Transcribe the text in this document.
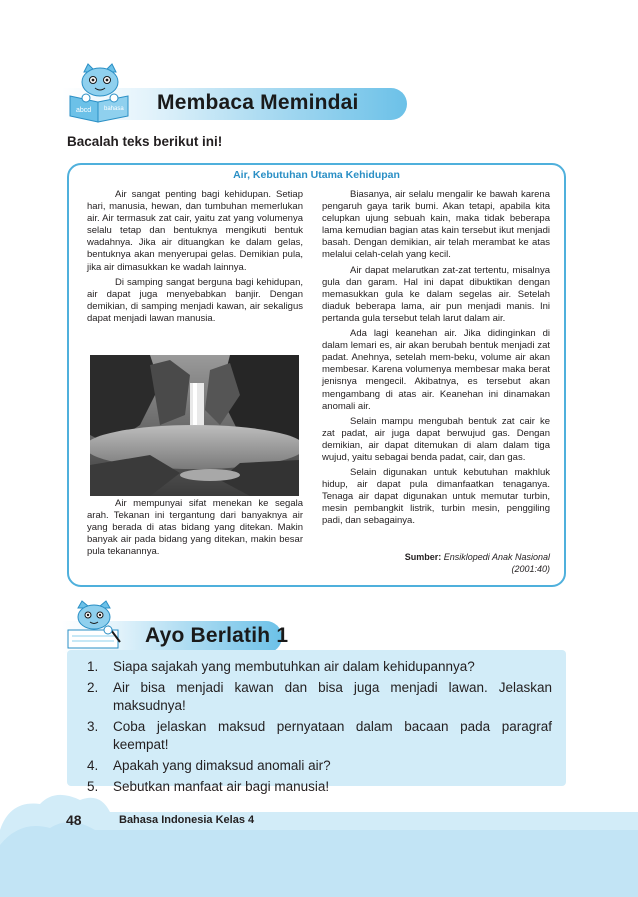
Membaca Memindai
abcd bahasa
Bacalah teks berikut ini!
Air, Kebutuhan Utama Kehidupan

Air sangat penting bagi kehidupan. Setiap hari, manusia, hewan, dan tumbuhan memerlukan air. Air termasuk zat cair, yaitu zat yang volumenya selalu tetap dan bentuknya mengikuti bentuk wadahnya. Jika air dituangkan ke dalam gelas, bentuknya akan menyerupai gelas. Demikian pula, jika air dimasukkan ke wadah lainnya.

Di samping sangat berguna bagi kehidupan, air dapat juga menyebabkan banjir. Dengan demikian, di samping menjadi kawan, air sekaligus dapat menjadi lawan manusia.

Air mempunyai sifat menekan ke segala arah. Tekanan ini tergantung dari banyaknya air yang berada di atas bidang yang ditekan. Makin banyak air pada bidang yang ditekan, makin besar pula tekanannya.

Biasanya, air selalu mengalir ke bawah karena pengaruh gaya tarik bumi. Akan tetapi, apabila kita celupkan ujung sebuah kain, maka tidak beberapa lama kemudian bagian atas kain tersebut ikut menjadi basah. Dengan demikian, air telah merambat ke atas melalui celah-celah yang kecil.

Air dapat melarutkan zat-zat tertentu, misalnya gula dan garam. Hal ini dapat dibuktikan dengan memasukkan gula ke dalam segelas air. Setelah diaduk beberapa lama, air pun menjadi manis. Ini pertanda gula tersebut telah larut dalam air.

Ada lagi keanehan air. Jika didinginkan di dalam lemari es, air akan berubah bentuk menjadi zat padat. Anehnya, setelah mem-beku, volume air akan membesar. Karena volumenya membesar maka berat jenisnya mengecil. Akibatnya, es tersebut akan mengambang di atas air. Keanehan ini dinamakan anomali air.

Selain mampu mengubah bentuk zat cair ke zat padat, air juga dapat berwujud gas. Dengan demikian, air dapat ditemukan di alam dalam tiga wujud, yaitu sebagai benda padat, cair, dan gas.

Selain digunakan untuk kebutuhan makhluk hidup, air dapat pula dimanfaatkan tenaganya. Tenaga air dapat digunakan untuk memutar turbin, mesin pembangkit listrik, turbin mesin, penggiling padi, dan sebagainya.

Sumber: Ensiklopedi Anak Nasional
(2001:40)
Ayo Berlatih 1
1. Siapa sajakah yang membutuhkan air dalam kehidupannya?
2. Air bisa menjadi kawan dan bisa juga menjadi lawan. Jelaskan maksudnya!
3. Coba jelaskan maksud pernyataan dalam bacaan pada paragraf keempat!
4. Apakah yang dimaksud anomali air?
5. Sebutkan manfaat air bagi manusia!
48	Bahasa Indonesia Kelas 4
